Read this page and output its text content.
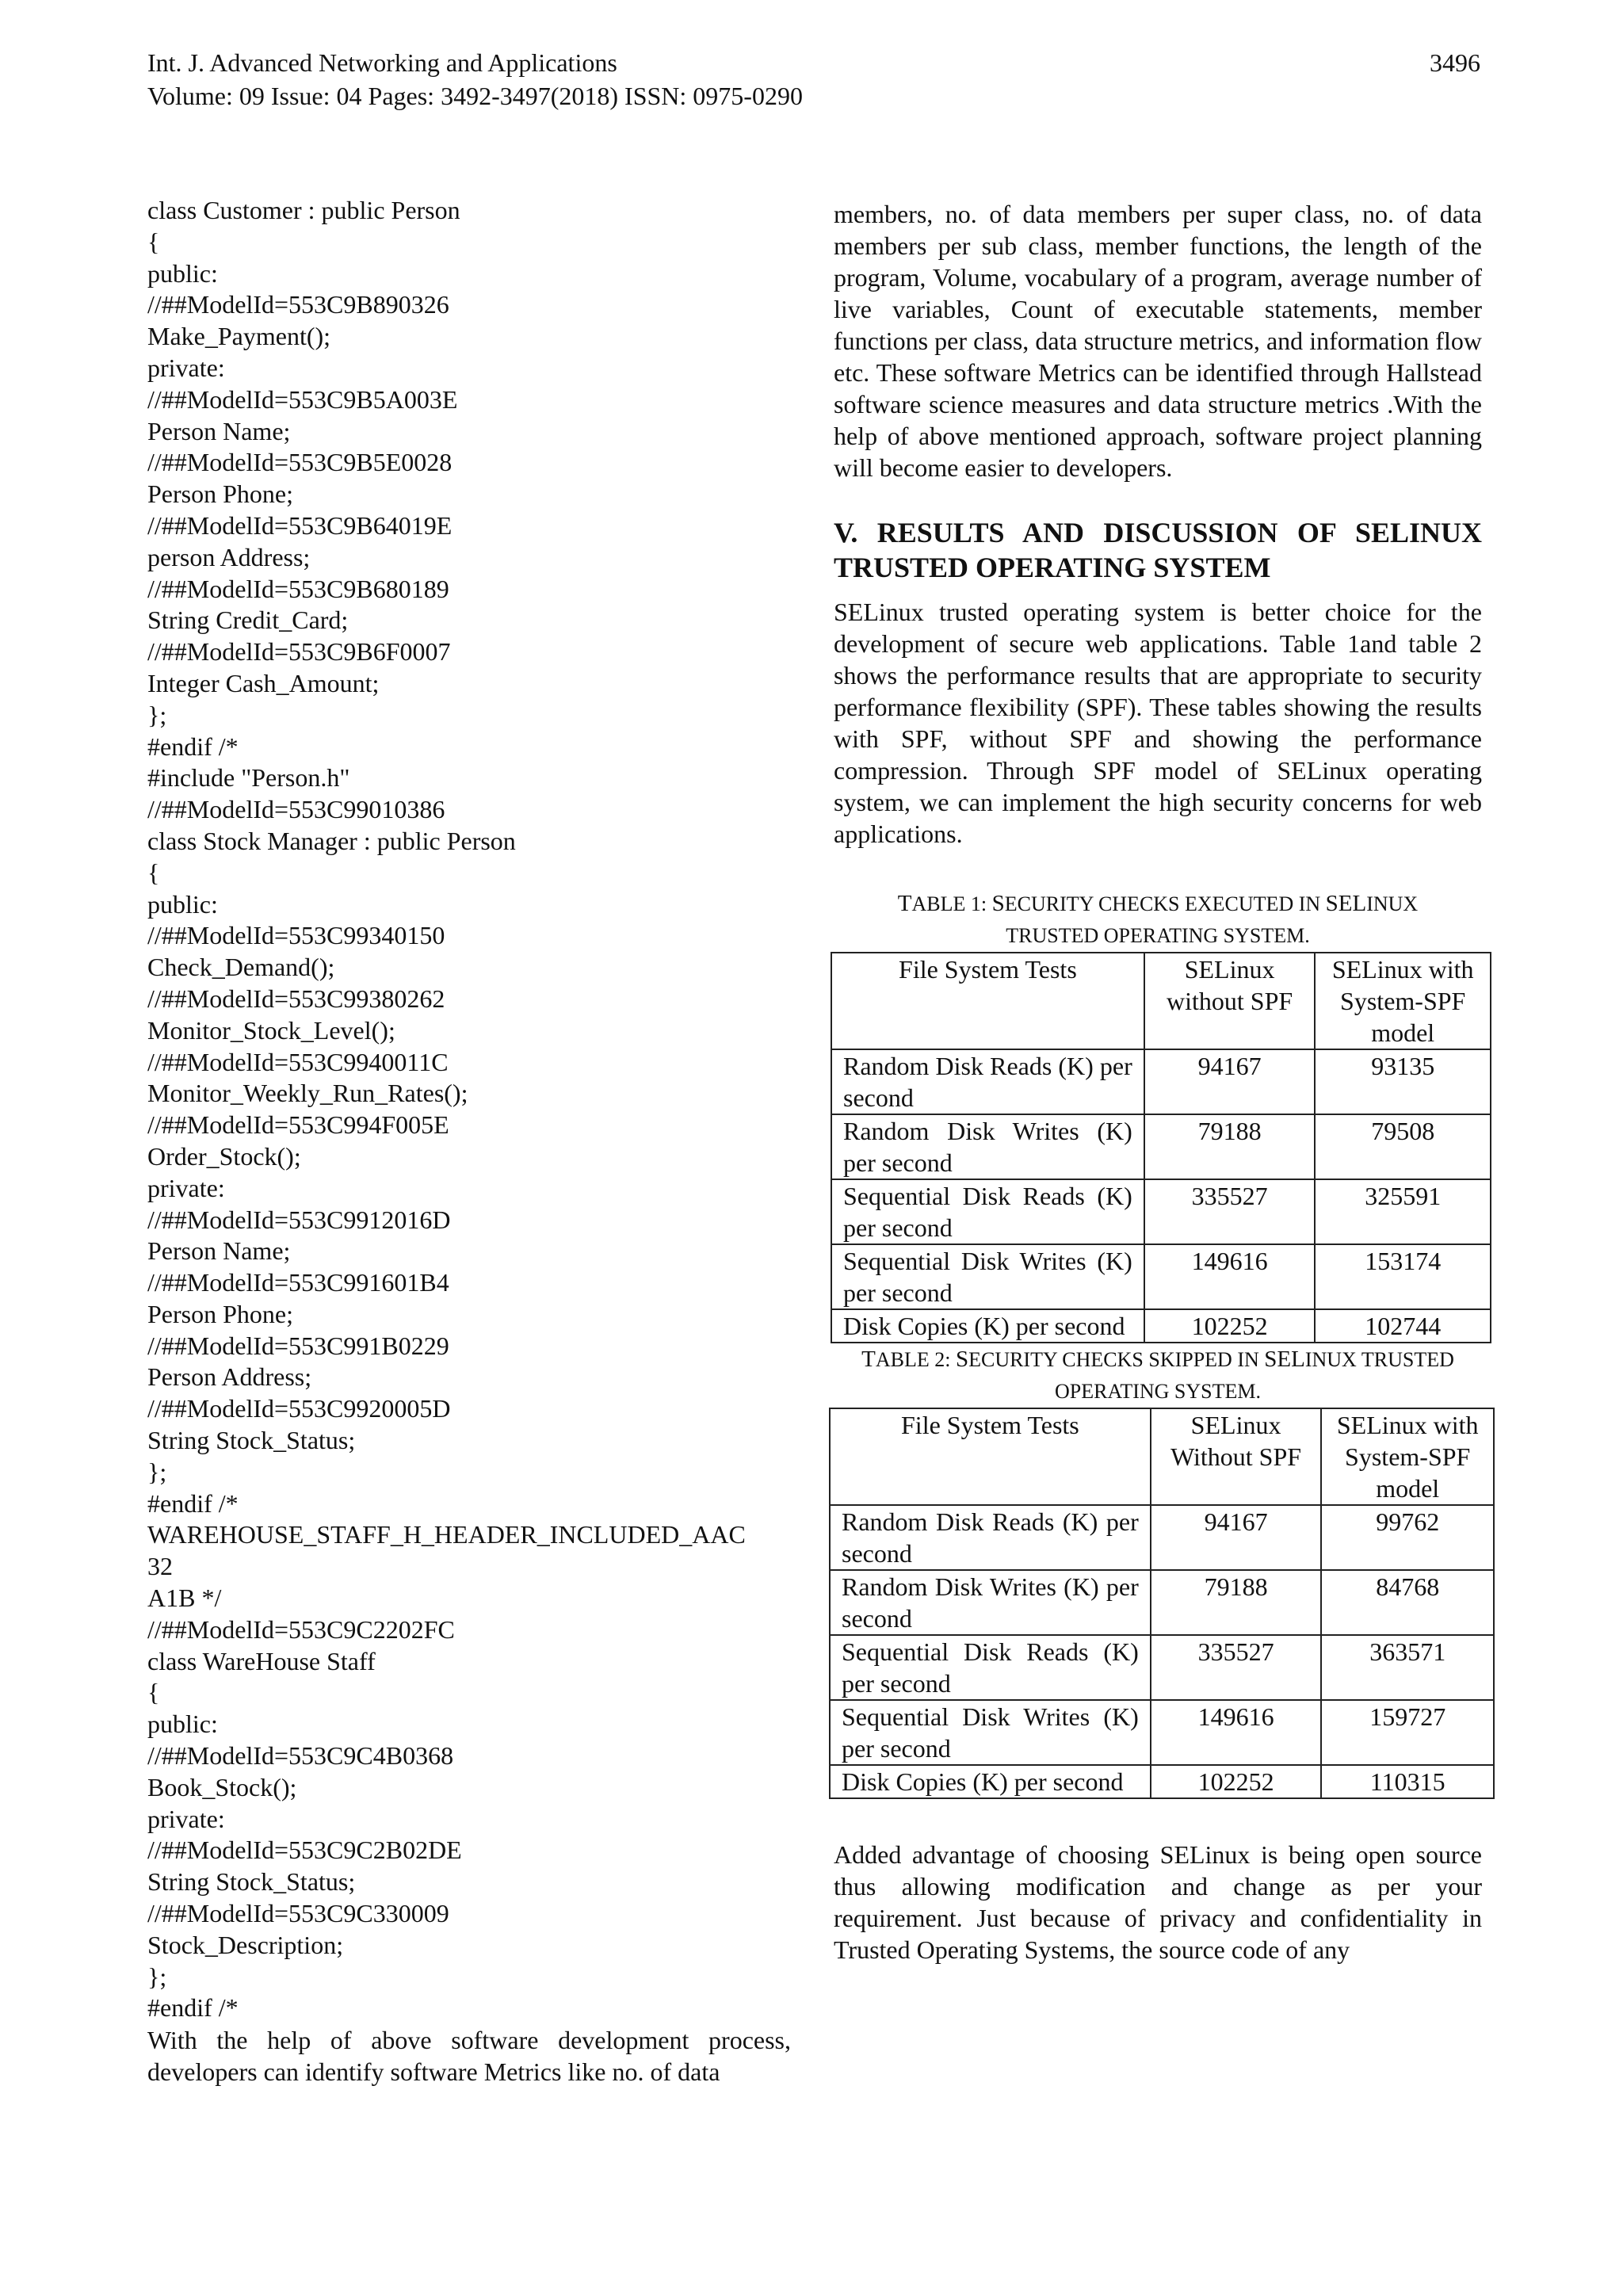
Int. J. Advanced Networking and Applications
Volume: 09 Issue: 04 Pages: 3492-3497(2018) ISSN: 0975-0290
3496
class Customer : public Person
{
public:
//##ModelId=553C9B890326
Make_Payment();
private:
//##ModelId=553C9B5A003E
Person Name;
//##ModelId=553C9B5E0028
Person Phone;
//##ModelId=553C9B64019E
person Address;
//##ModelId=553C9B680189
String Credit_Card;
//##ModelId=553C9B6F0007
Integer Cash_Amount;
};
#endif /*
#include "Person.h"
//##ModelId=553C99010386
class Stock Manager : public Person
{
public:
//##ModelId=553C99340150
Check_Demand();
//##ModelId=553C99380262
Monitor_Stock_Level();
//##ModelId=553C9940011C
Monitor_Weekly_Run_Rates();
//##ModelId=553C994F005E
Order_Stock();
private:
//##ModelId=553C9912016D
Person Name;
//##ModelId=553C991601B4
Person Phone;
//##ModelId=553C991B0229
Person Address;
//##ModelId=553C9920005D
String Stock_Status;
};
#endif /*
WAREHOUSE_STAFF_H_HEADER_INCLUDED_AAC
32
A1B */
//##ModelId=553C9C2202FC
class WareHouse Staff
{
public:
//##ModelId=553C9C4B0368
Book_Stock();
private:
//##ModelId=553C9C2B02DE
String Stock_Status;
//##ModelId=553C9C330009
Stock_Description;
};
#endif /*

With the help of above software development process, developers can identify software Metrics like no. of data

members, no. of data members per super class, no. of data members per sub class, member functions, the length of the program, Volume, vocabulary of a program, average number of live variables, Count of executable statements, member functions per class, data structure metrics, and information flow etc. These software Metrics can be identified through Hallstead software science measures and data structure metrics .With the help of above mentioned approach, software project planning will become easier to developers.

V. RESULTS AND DISCUSSION OF SELINUX TRUSTED OPERATING SYSTEM

SELinux trusted operating system is better choice for the development of secure web applications. Table 1and table 2 shows the performance results that are appropriate to security performance flexibility (SPF). These tables showing the results with SPF, without SPF and showing the performance compression. Through SPF model of SELinux operating system, we can implement the high security concerns for web applications.

TABLE 1: SECURITY CHECKS EXECUTED IN SELINUX
TRUSTED OPERATING SYSTEM.
File System Tests	SELinux without SPF	SELinux with System-SPF model
Random Disk Reads (K) per second	94167	93135
Random Disk Writes (K) per second	79188	79508
Sequential Disk Reads (K) per second	335527	325591
Sequential Disk Writes (K) per second	149616	153174
Disk Copies (K) per second	102252	102744
TABLE 2: SECURITY CHECKS SKIPPED IN SELINUX TRUSTED
OPERATING SYSTEM.
File System Tests	SELinux Without SPF	SELinux with System-SPF model
Random Disk Reads (K) per second	94167	99762
Random Disk Writes (K) per second	79188	84768
Sequential Disk Reads (K) per second	335527	363571
Sequential Disk Writes (K) per second	149616	159727
Disk Copies (K) per second	102252	110315

Added advantage of choosing SELinux is being open source thus allowing modification and change as per your requirement. Just because of privacy and confidentiality in Trusted Operating Systems, the source code of any
